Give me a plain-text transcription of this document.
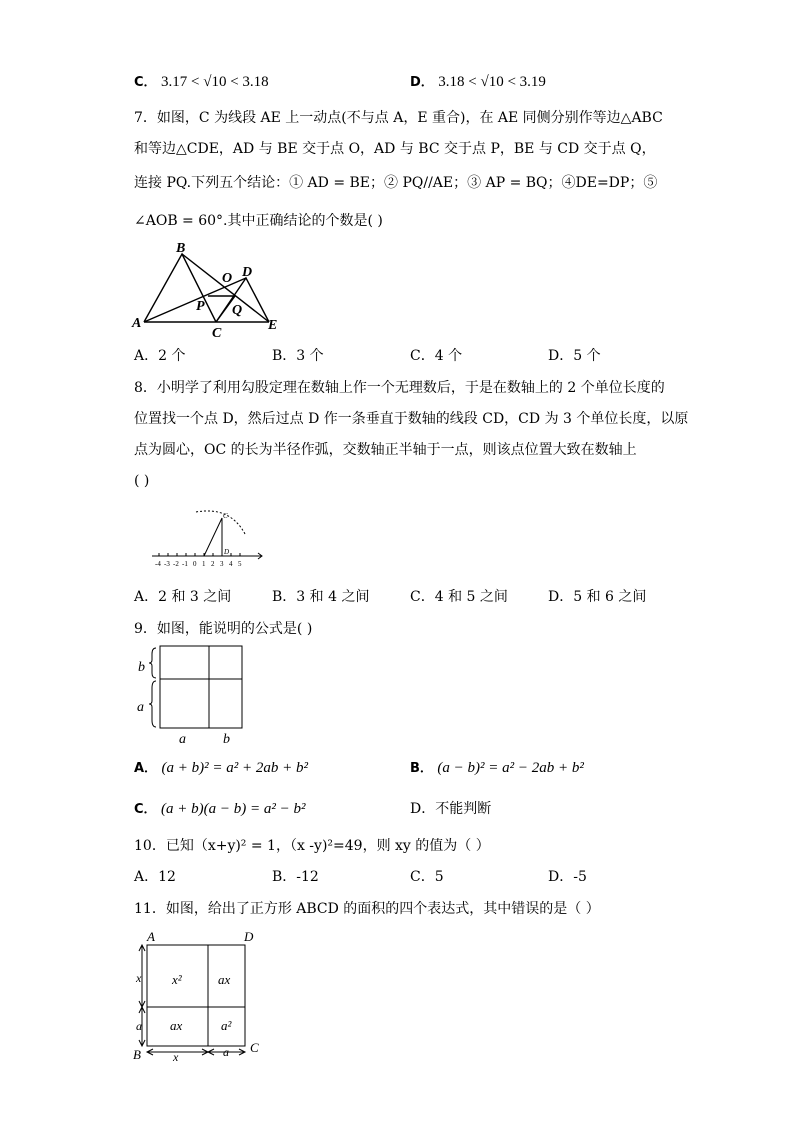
C． 3.17 < √10 < 3.18	D． 3.18 < √10 < 3.19
7．如图，C 为线段 AE 上一动点(不与点 A，E 重合)，在 AE 同侧分别作等边△ABC
和等边△CDE，AD 与 BE 交于点 O，AD 与 BC 交于点 P，BE 与 CD 交于点 Q，
连接 PQ.下列五个结论：① AD = BE；② PQ//AE；③ AP = BQ；④DE=DP；⑤
∠AOB = 60°.其中正确结论的个数是( )
B
O D
P Q
A
C
E
A．2 个	B．3 个	C．4 个	D．5 个
8．小明学了利用勾股定理在数轴上作一个无理数后，于是在数轴上的 2 个单位长度的
位置找一个点 D，然后过点 D 作一条垂直于数轴的线段 CD，CD 为 3 个单位长度，以原
点为圆心，OC 的长为半径作弧，交数轴正半轴于一点，则该点位置大致在数轴上
( )
C
D
-4 -3 -2 -1 0 1 2 3 4 5
A．2 和 3 之间	B．3 和 4 之间	C．4 和 5 之间	D．5 和 6 之间
9．如图，能说明的公式是( )
b
a
a	b
A． (a + b)² = a² + 2ab + b²	B． (a − b)² = a² − 2ab + b²
C． (a + b)(a − b) = a² − b²	D．不能判断
10．已知（x+y)² = 1，（x -y)²=49，则 xy 的值为（ ）
A．12	B．-12	C．5	D．-5
11．如图，给出了正方形 ABCD 的面积的四个表达式，其中错误的是（ ）
A	D
B	C
x²	ax
ax	a²
x
a
x	a
